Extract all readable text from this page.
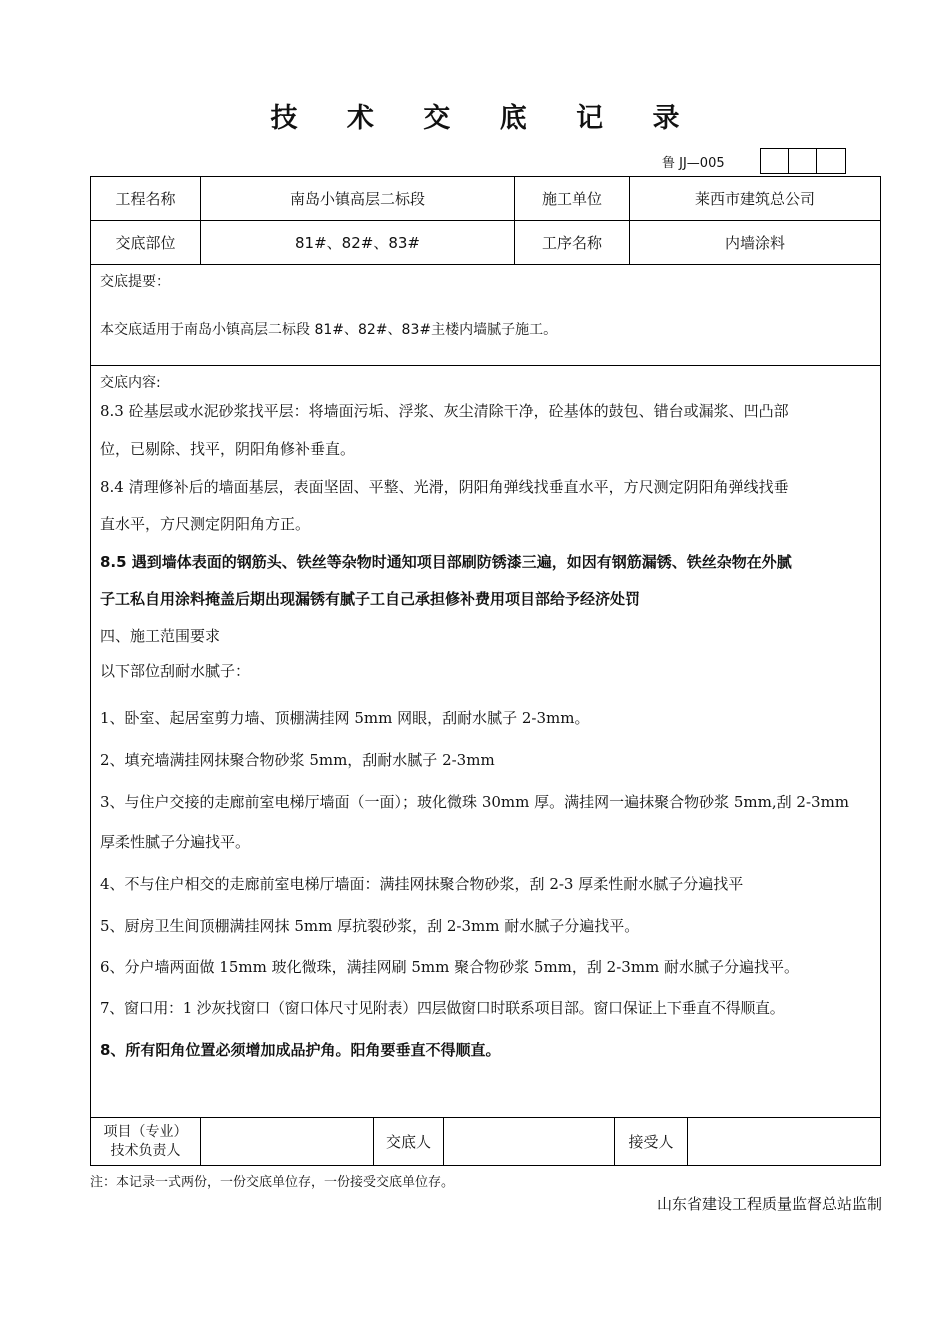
技 术 交 底 记 录
鲁 JJ—005
工程名称	南岛小镇高层二标段	施工单位	莱西市建筑总公司
交底部位	81#、82#、83#	工序名称	内墙涂料
交底提要：
本交底适用于南岛小镇高层二标段 81#、82#、83#主楼内墙腻子施工。
交底内容:
8.3 砼基层或水泥砂浆找平层：将墙面污垢、浮浆、灰尘清除干净，砼基体的鼓包、错台或漏浆、凹凸部
位，已剔除、找平，阴阳角修补垂直。
8.4 清理修补后的墙面基层，表面坚固、平整、光滑，阴阳角弹线找垂直水平，方尺测定阴阳角弹线找垂
直水平，方尺测定阴阳角方正。
8.5 遇到墙体表面的钢筋头、铁丝等杂物时通知项目部刷防锈漆三遍，如因有钢筋漏锈、铁丝杂物在外腻
子工私自用涂料掩盖后期出现漏锈有腻子工自己承担修补费用项目部给予经济处罚
四、施工范围要求
以下部位刮耐水腻子：
1、卧室、起居室剪力墙、顶棚满挂网 5mm 网眼，刮耐水腻子 2-3mm。
2、填充墙满挂网抹聚合物砂浆 5mm，刮耐水腻子 2-3mm
3、与住户交接的走廊前室电梯厅墙面（一面）；玻化微珠 30mm 厚。满挂网一遍抹聚合物砂浆 5mm,刮 2-3mm
厚柔性腻子分遍找平。
4、不与住户相交的走廊前室电梯厅墙面：满挂网抹聚合物砂浆，刮 2-3 厚柔性耐水腻子分遍找平
5、厨房卫生间顶棚满挂网抹 5mm 厚抗裂砂浆，刮 2-3mm 耐水腻子分遍找平。
6、分户墙两面做 15mm 玻化微珠，满挂网刷 5mm 聚合物砂浆 5mm，刮 2-3mm 耐水腻子分遍找平。
7、窗口用：1 沙灰找窗口（窗口体尺寸见附表）四层做窗口时联系项目部。窗口保证上下垂直不得顺直。
8、所有阳角位置必须增加成品护角。阳角要垂直不得顺直。
项目（专业）
技术负责人	交底人	接受人
注：本记录一式两份，一份交底单位存，一份接受交底单位存。
山东省建设工程质量监督总站监制
